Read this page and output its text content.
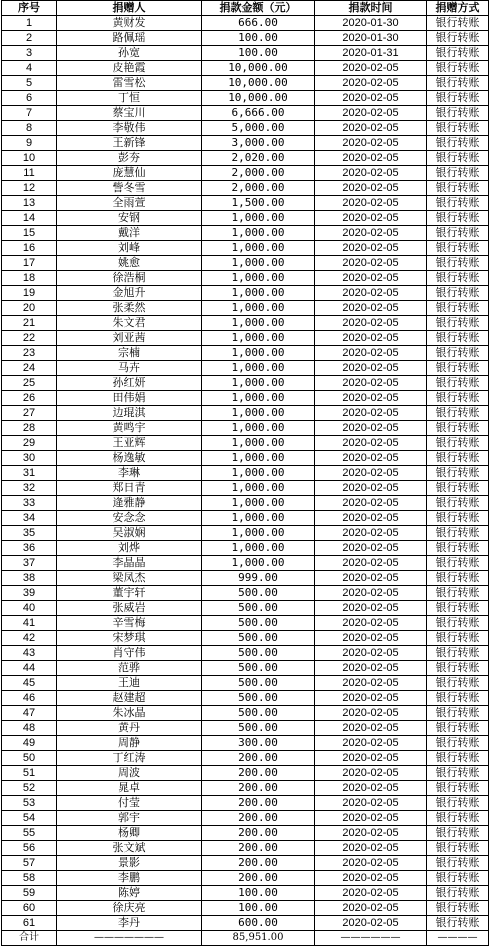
序号	捐赠人	捐款金额（元）	捐款时间	捐赠方式
1	黄财发	666.00	2020-01-30	银行转账
2	路佩瑶	100.00	2020-01-30	银行转账
3	孙宽	100.00	2020-01-31	银行转账
4	皮艳霞	10,000.00	2020-02-05	银行转账
5	雷雪松	10,000.00	2020-02-05	银行转账
6	丁恒	10,000.00	2020-02-05	银行转账
7	蔡宝川	6,666.00	2020-02-05	银行转账
8	李敬伟	5,000.00	2020-02-05	银行转账
9	王新锋	3,000.00	2020-02-05	银行转账
10	彭夯	2,020.00	2020-02-05	银行转账
11	庞慧仙	2,000.00	2020-02-05	银行转账
12	訾冬雪	2,000.00	2020-02-05	银行转账
13	全雨萱	1,500.00	2020-02-05	银行转账
14	安钢	1,000.00	2020-02-05	银行转账
15	戴洋	1,000.00	2020-02-05	银行转账
16	刘峰	1,000.00	2020-02-05	银行转账
17	姚愈	1,000.00	2020-02-05	银行转账
18	徐浩桐	1,000.00	2020-02-05	银行转账
19	金旭升	1,000.00	2020-02-05	银行转账
20	张柔然	1,000.00	2020-02-05	银行转账
21	朱文君	1,000.00	2020-02-05	银行转账
22	刘亚茜	1,000.00	2020-02-05	银行转账
23	宗楠	1,000.00	2020-02-05	银行转账
24	马卉	1,000.00	2020-02-05	银行转账
25	孙红妍	1,000.00	2020-02-05	银行转账
26	田伟娟	1,000.00	2020-02-05	银行转账
27	边琨淇	1,000.00	2020-02-05	银行转账
28	黄鸣宇	1,000.00	2020-02-05	银行转账
29	王亚辉	1,000.00	2020-02-05	银行转账
30	杨逸敏	1,000.00	2020-02-05	银行转账
31	李琳	1,000.00	2020-02-05	银行转账
32	郑日青	1,000.00	2020-02-05	银行转账
33	逄雅静	1,000.00	2020-02-05	银行转账
34	安念念	1,000.00	2020-02-05	银行转账
35	吴淑娴	1,000.00	2020-02-05	银行转账
36	刘烨	1,000.00	2020-02-05	银行转账
37	李晶晶	1,000.00	2020-02-05	银行转账
38	梁凤杰	999.00	2020-02-05	银行转账
39	董宇轩	500.00	2020-02-05	银行转账
40	张威岩	500.00	2020-02-05	银行转账
41	辛雪梅	500.00	2020-02-05	银行转账
42	宋梦琪	500.00	2020-02-05	银行转账
43	肖守伟	500.00	2020-02-05	银行转账
44	范骅	500.00	2020-02-05	银行转账
45	王迪	500.00	2020-02-05	银行转账
46	赵建超	500.00	2020-02-05	银行转账
47	朱冰晶	500.00	2020-02-05	银行转账
48	黄丹	500.00	2020-02-05	银行转账
49	周静	300.00	2020-02-05	银行转账
50	丁红涛	200.00	2020-02-05	银行转账
51	周波	200.00	2020-02-05	银行转账
52	晁卓	200.00	2020-02-05	银行转账
53	付莹	200.00	2020-02-05	银行转账
54	郭宇	200.00	2020-02-05	银行转账
55	杨卿	200.00	2020-02-05	银行转账
56	张文斌	200.00	2020-02-05	银行转账
57	景影	200.00	2020-02-05	银行转账
58	李鹏	200.00	2020-02-05	银行转账
59	陈婷	100.00	2020-02-05	银行转账
60	徐庆亮	100.00	2020-02-05	银行转账
61	李丹	600.00	2020-02-05	银行转账
合计	———————	85,951.00	——————	————
